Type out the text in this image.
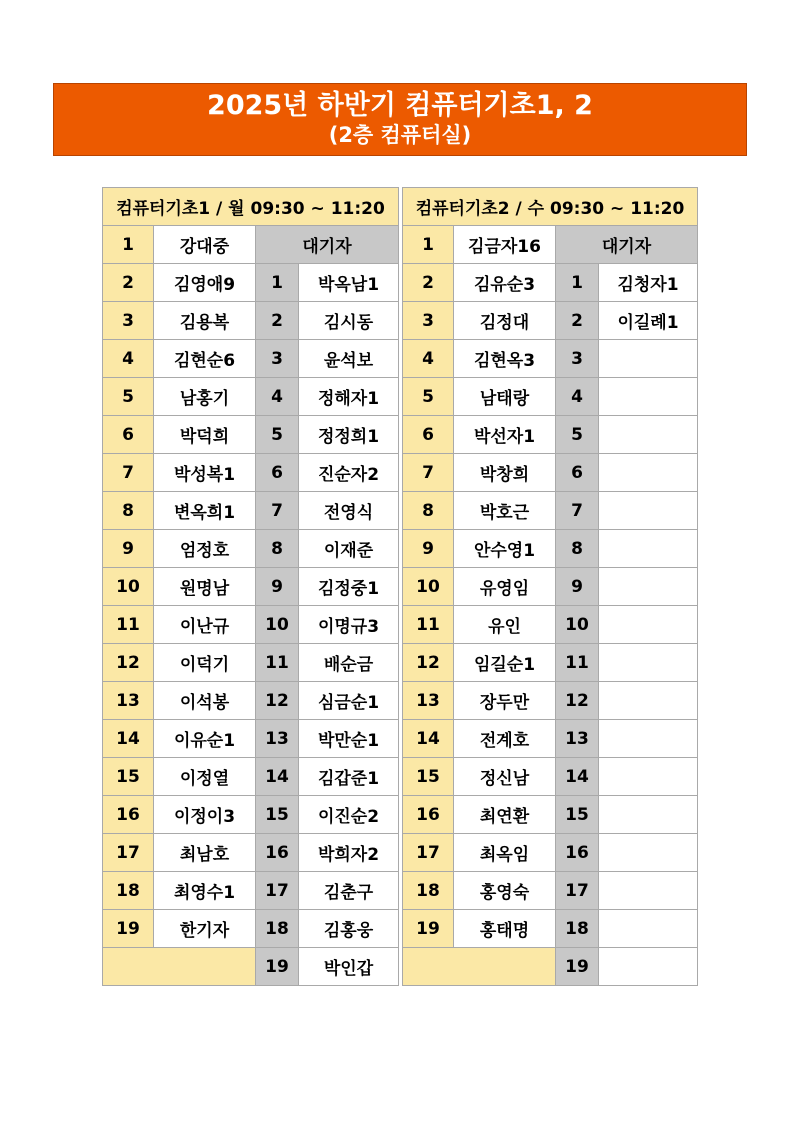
2025년 하반기 컴퓨터기초1, 2
(2층 컴퓨터실)
컴퓨터기초1 / 월 09:30 ~ 11:20			
1	강대중	대기자	
2	김영애9	1	박옥남1
3	김용복	2	김시동
4	김현순6	3	윤석보
5	남홍기	4	정해자1
6	박덕희	5	정정희1
7	박성복1	6	진순자2
8	변옥희1	7	전영식
9	엄정호	8	이재준
10	원명남	9	김정중1
11	이난규	10	이명규3
12	이덕기	11	배순금
13	이석봉	12	심금순1
14	이유순1	13	박만순1
15	이정열	14	김갑준1
16	이정이3	15	이진순2
17	최남호	16	박희자2
18	최영수1	17	김춘구
19	한기자	18	김홍웅
		19	박인갑
컴퓨터기초2 / 수 09:30 ~ 11:20			
1	김금자16	대기자	
2	김유순3	1	김청자1
3	김정대	2	이길례1
4	김현옥3	3	
5	남태랑	4	
6	박선자1	5	
7	박창희	6	
8	박호근	7	
9	안수영1	8	
10	유영임	9	
11	유인	10	
12	임길순1	11	
13	장두만	12	
14	전계호	13	
15	정신남	14	
16	최연환	15	
17	최옥임	16	
18	홍영숙	17	
19	홍태명	18	
		19	
